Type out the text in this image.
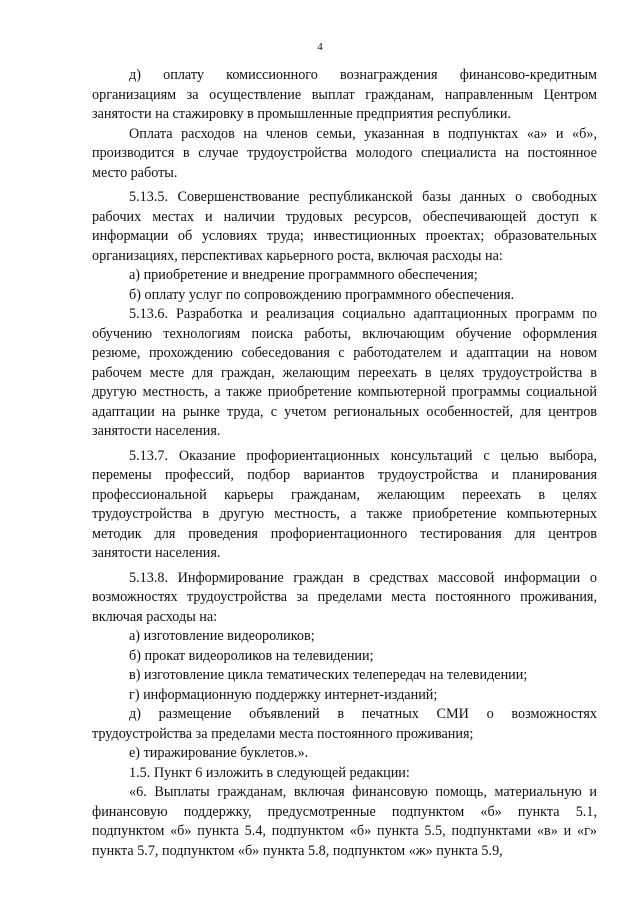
4

д) оплату комиссионного вознаграждения финансово-кредитным организациям за осуществление выплат гражданам, направленным Центром занятости на стажировку в промышленные предприятия республики.

Оплата расходов на членов семьи, указанная в подпунктах «а» и «б», производится в случае трудоустройства молодого специалиста на постоянное место работы.

5.13.5. Совершенствование республиканской базы данных о свободных рабочих местах и наличии трудовых ресурсов, обеспечивающей доступ к информации об условиях труда; инвестиционных проектах; образовательных организациях, перспективах карьерного роста, включая расходы на:

а) приобретение и внедрение программного обеспечения;

б) оплату услуг по сопровождению программного обеспечения.

5.13.6. Разработка и реализация социально адаптационных программ по обучению технологиям поиска работы, включающим обучение оформления резюме, прохождению собеседования с работодателем и адаптации на новом рабочем месте для граждан, желающим переехать в целях трудоустройства в другую местность, а также приобретение компьютерной программы социальной адаптации на рынке труда, с учетом региональных особенностей, для центров занятости населения.

5.13.7. Оказание профориентационных консультаций с целью выбора, перемены профессий, подбор вариантов трудоустройства и планирования профессиональной карьеры гражданам, желающим переехать в целях трудоустройства в другую местность, а также приобретение компьютерных методик для проведения профориентационного тестирования для центров занятости населения.

5.13.8. Информирование граждан в средствах массовой информации о возможностях трудоустройства за пределами места постоянного проживания, включая расходы на:

а) изготовление видеороликов;

б) прокат видеороликов на телевидении;

в) изготовление цикла тематических телепередач на телевидении;

г) информационную поддержку интернет-изданий;

д) размещение объявлений в печатных СМИ о возможностях трудоустройства за пределами места постоянного проживания;

е) тиражирование буклетов.».

1.5. Пункт 6 изложить в следующей редакции:

«6. Выплаты гражданам, включая финансовую помощь, материальную и финансовую поддержку, предусмотренные подпунктом «б» пункта 5.1, подпунктом «б» пункта 5.4, подпунктом «б» пункта 5.5, подпунктами «в» и «г» пункта 5.7, подпунктом «б» пункта 5.8, подпунктом «ж» пункта 5.9,
